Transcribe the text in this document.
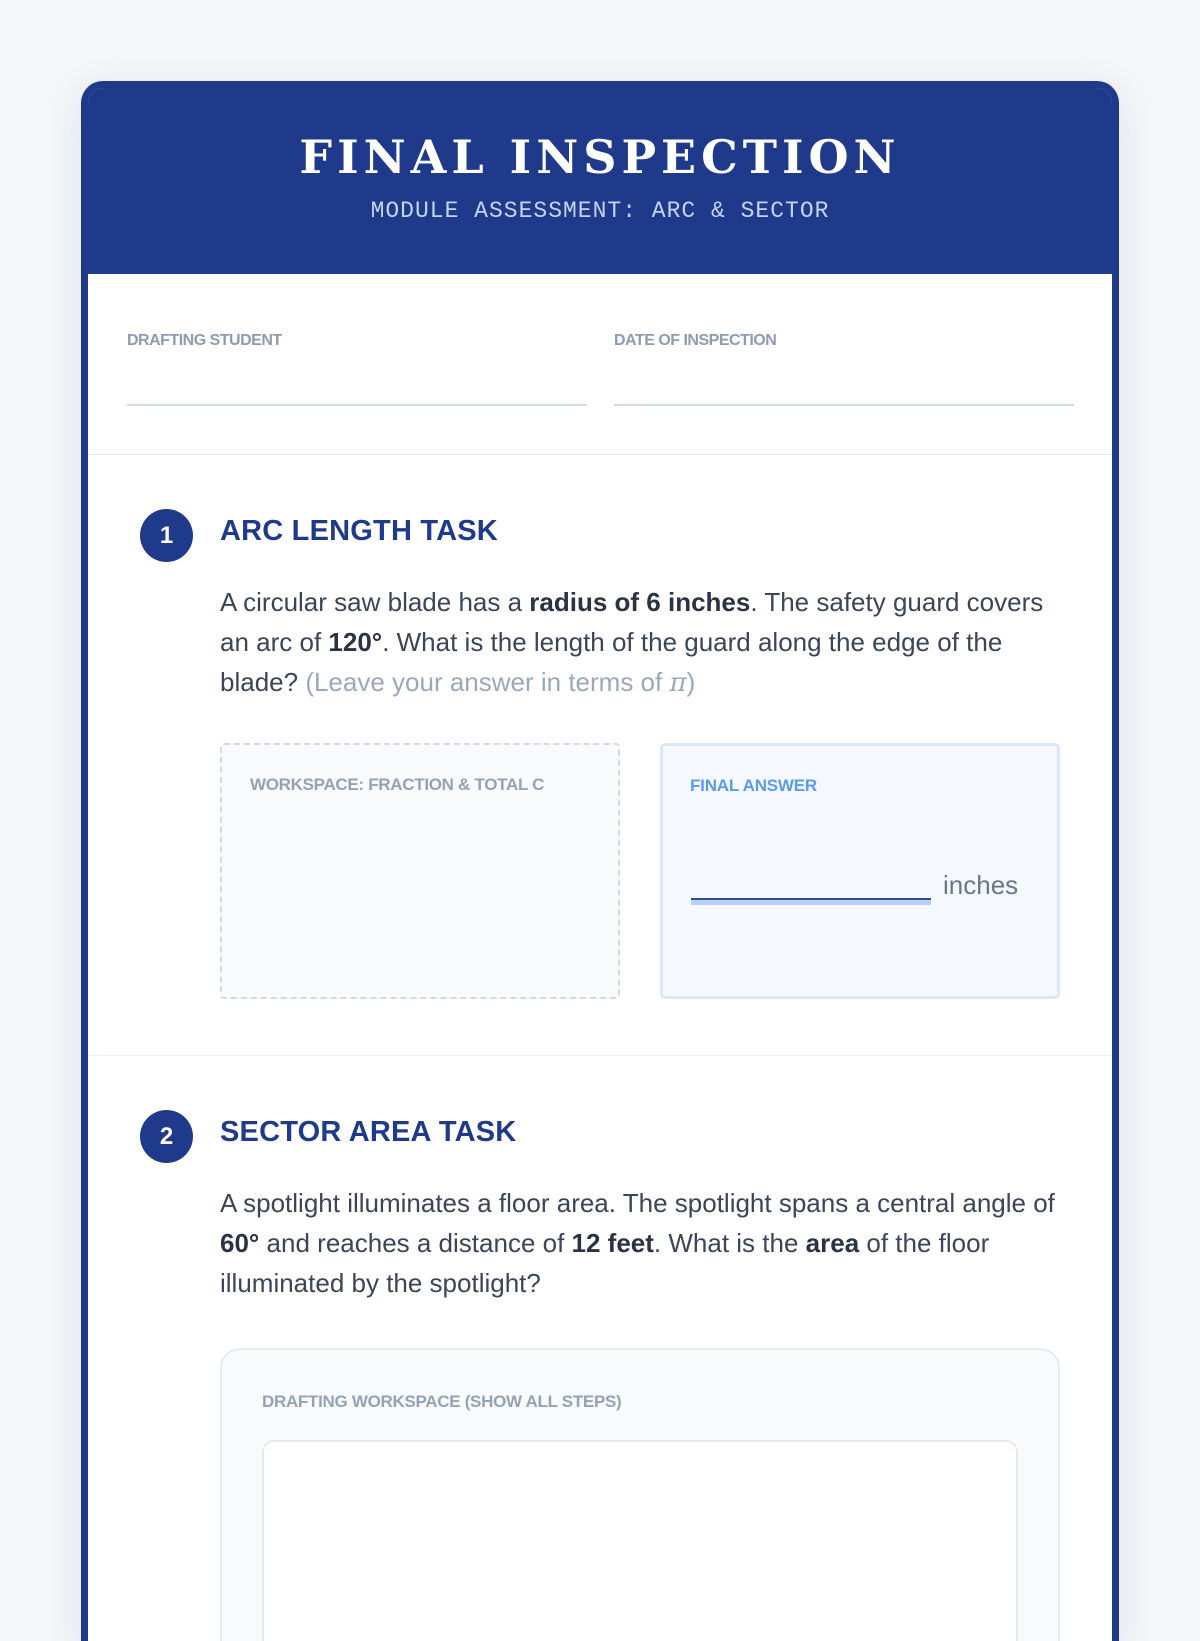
FINAL INSPECTION
MODULE ASSESSMENT: ARC & SECTOR
DRAFTING STUDENT	DATE OF INSPECTION
1	ARC LENGTH TASK
A circular saw blade has a radius of 6 inches. The safety guard covers an arc of 120°. What is the length of the guard along the edge of the blade? (Leave your answer in terms of π)
WORKSPACE: FRACTION & TOTAL C	FINAL ANSWER
inches
2	SECTOR AREA TASK
A spotlight illuminates a floor area. The spotlight spans a central angle of 60° and reaches a distance of 12 feet. What is the area of the floor illuminated by the spotlight?
DRAFTING WORKSPACE (SHOW ALL STEPS)
